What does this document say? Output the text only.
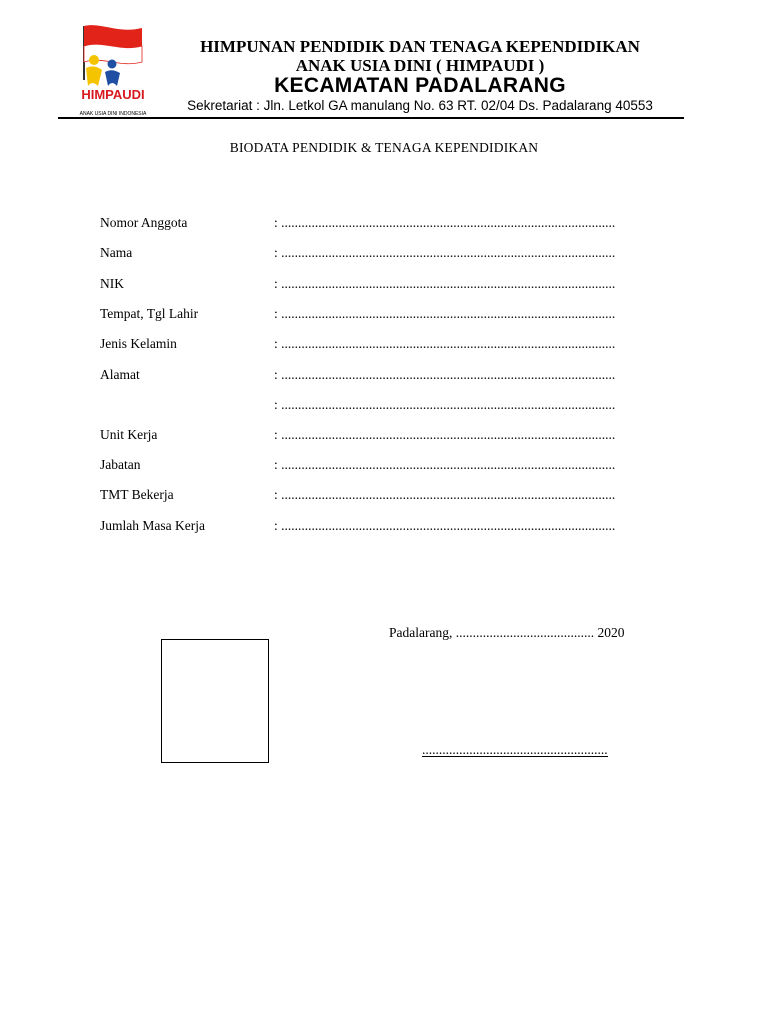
HIMPAUDI
ANAK USIA DINI INDONESIA
HIMPUNAN PENDIDIK DAN TENAGA KEPENDIDIKAN
ANAK USIA DINI ( HIMPAUDI )
KECAMATAN PADALARANG
Sekretariat : Jln. Letkol GA manulang No. 63 RT. 02/04 Ds. Padalarang 40553
BIODATA PENDIDIK & TENAGA KEPENDIDIKAN
Nomor Anggota	: ...................................................................................................
Nama	: ...................................................................................................
NIK	: ...................................................................................................
Tempat, Tgl Lahir	: ...................................................................................................
Jenis Kelamin	: ...................................................................................................
Alamat	: ...................................................................................................
: ...................................................................................................
Unit Kerja	: ...................................................................................................
Jabatan	: ...................................................................................................
TMT Bekerja	: ...................................................................................................
Jumlah Masa Kerja	: ...................................................................................................
Padalarang, ......................................... 2020
.......................................................
